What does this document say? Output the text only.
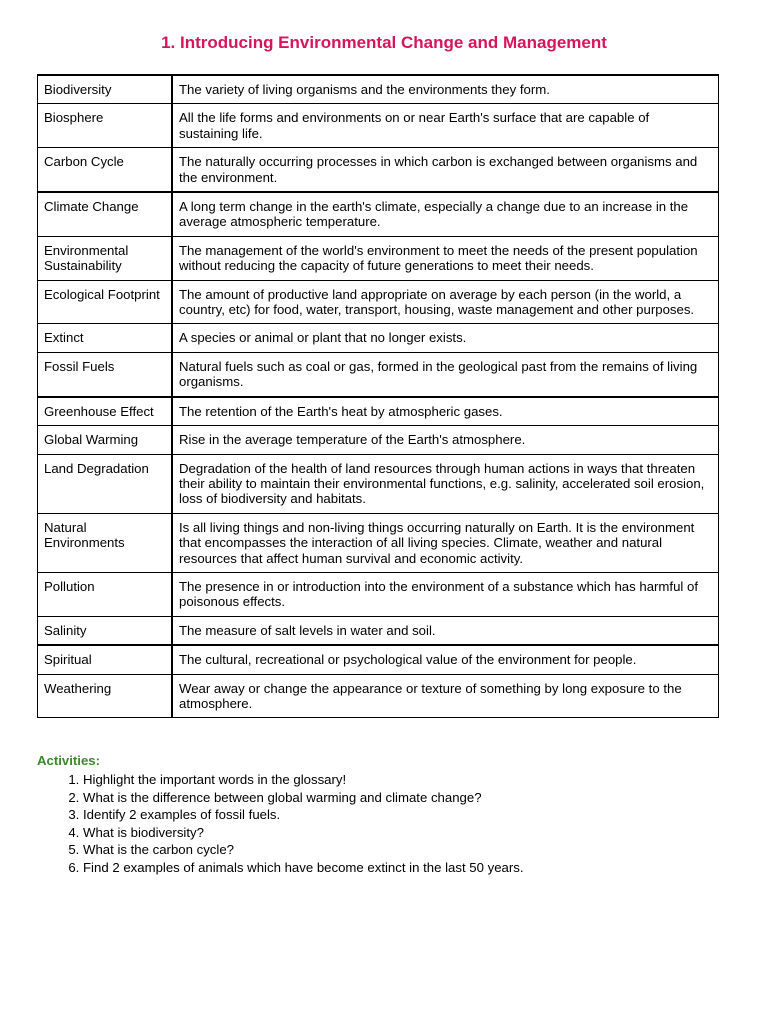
1. Introducing Environmental Change and Management
Biodiversity	The variety of living organisms and the environments they form.
Biosphere	All the life forms and environments on or near Earth's surface that are capable of sustaining life.
Carbon Cycle	The naturally occurring processes in which carbon is exchanged between organisms and the environment.
Climate Change	A long term change in the earth's climate, especially a change due to an increase in the average atmospheric temperature.
Environmental Sustainability	The management of the world's environment to meet the needs of the present population without reducing the capacity of future generations to meet their needs.
Ecological Footprint	The amount of productive land appropriate on average by each person (in the world, a country, etc) for food, water, transport, housing, waste management and other purposes.
Extinct	A species or animal or plant that no longer exists.
Fossil Fuels	Natural fuels such as coal or gas, formed in the geological past from the remains of living organisms.
Greenhouse Effect	The retention of the Earth's heat by atmospheric gases.
Global Warming	Rise in the average temperature of the Earth's atmosphere.
Land Degradation	Degradation of the health of land resources through human actions in ways that threaten their ability to maintain their environmental functions, e.g. salinity, accelerated soil erosion, loss of biodiversity and habitats.
Natural Environments	Is all living things and non-living things occurring naturally on Earth. It is the environment that encompasses the interaction of all living species. Climate, weather and natural resources that affect human survival and economic activity.
Pollution	The presence in or introduction into the environment of a substance which has harmful of poisonous effects.
Salinity	The measure of salt levels in water and soil.
Spiritual	The cultural, recreational or psychological value of the environment for people.
Weathering	Wear away or change the appearance or texture of something by long exposure to the atmosphere.
Activities:
1. Highlight the important words in the glossary!
2. What is the difference between global warming and climate change?
3. Identify 2 examples of fossil fuels.
4. What is biodiversity?
5. What is the carbon cycle?
6. Find 2 examples of animals which have become extinct in the last 50 years.
